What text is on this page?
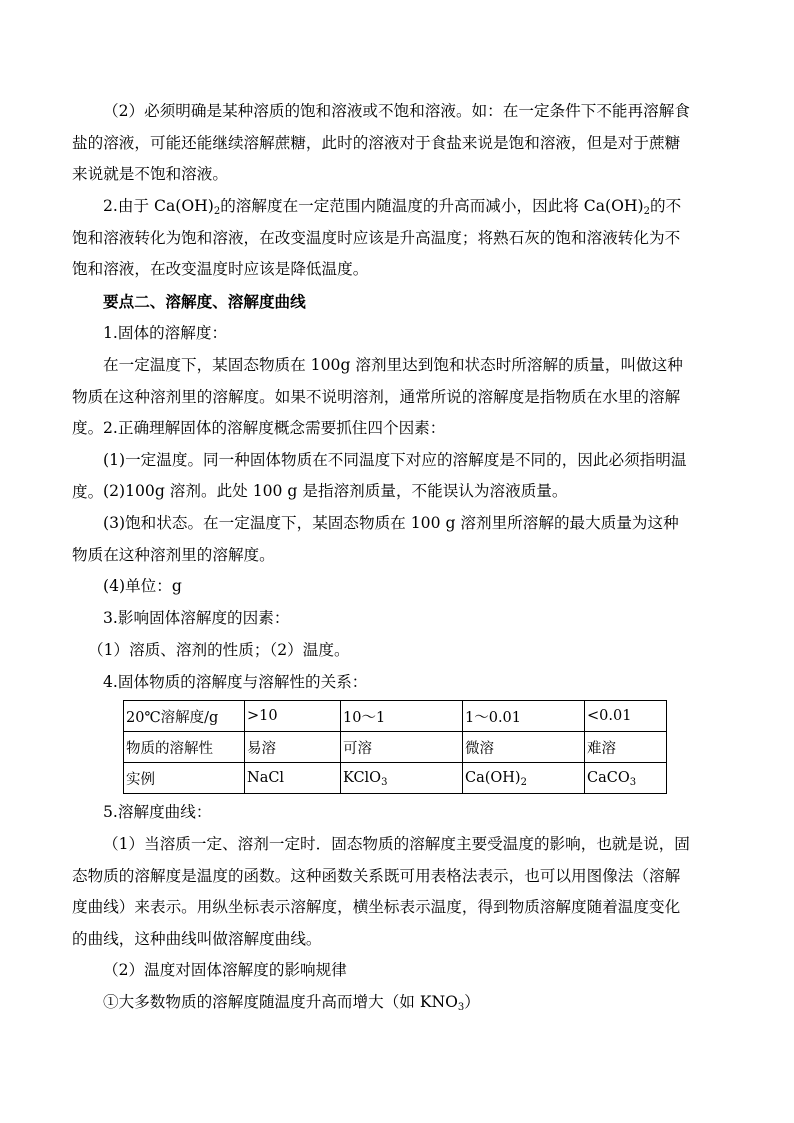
（2）必须明确是某种溶质的饱和溶液或不饱和溶液。如：在一定条件下不能再溶解食盐的溶液，可能还能继续溶解蔗糖，此时的溶液对于食盐来说是饱和溶液，但是对于蔗糖来说就是不饱和溶液。

2.由于 $Ca(OH)_2$的溶解度在一定范围内随温度的升高而减小，因此将 $Ca(OH)_2$的不饱和溶液转化为饱和溶液，在改变温度时应该是升高温度；将熟石灰的饱和溶液转化为不饱和溶液，在改变温度时应该是降低温度。

要点二、溶解度、溶解度曲线

1.固体的溶解度：

在一定温度下，某固态物质在 100g 溶剂里达到饱和状态时所溶解的质量，叫做这种物质在这种溶剂里的溶解度。如果不说明溶剂，通常所说的溶解度是指物质在水里的溶解度。 2.正确理解固体的溶解度概念需要抓住四个因素：

(1)一定温度。同一种固体物质在不同温度下对应的溶解度是不同的，因此必须指明温度。 (2)100g 溶剂。此处 100 g 是指溶剂质量，不能误认为溶液质量。

(3)饱和状态。在一定温度下，某固态物质在 100 g 溶剂里所溶解的最大质量为这种物质在这种溶剂里的溶解度。

(4)单位：g

3.影响固体溶解度的因素：

（1）溶质、溶剂的性质；（2）温度。

4.固体物质的溶解度与溶解性的关系：

20℃溶解度/g	>10	10～1	1～0.01	<0.01
物质的溶解性	易溶	可溶	微溶	难溶
实例	NaCl	KClO$_3$	$Ca(OH)_2$	CaCO$_3$

5.溶解度曲线：

（1）当溶质一定、溶剂一定时．固态物质的溶解度主要受温度的影响，也就是说，固态物质的溶解度是温度的函数。这种函数关系既可用表格法表示，也可以用图像法（溶解度曲线）来表示。用纵坐标表示溶解度，横坐标表示温度，得到物质溶解度随着温度变化的曲线，这种曲线叫做溶解度曲线。

（2）温度对固体溶解度的影响规律

①大多数物质的溶解度随温度升高而增大（如 $KNO_3$）
